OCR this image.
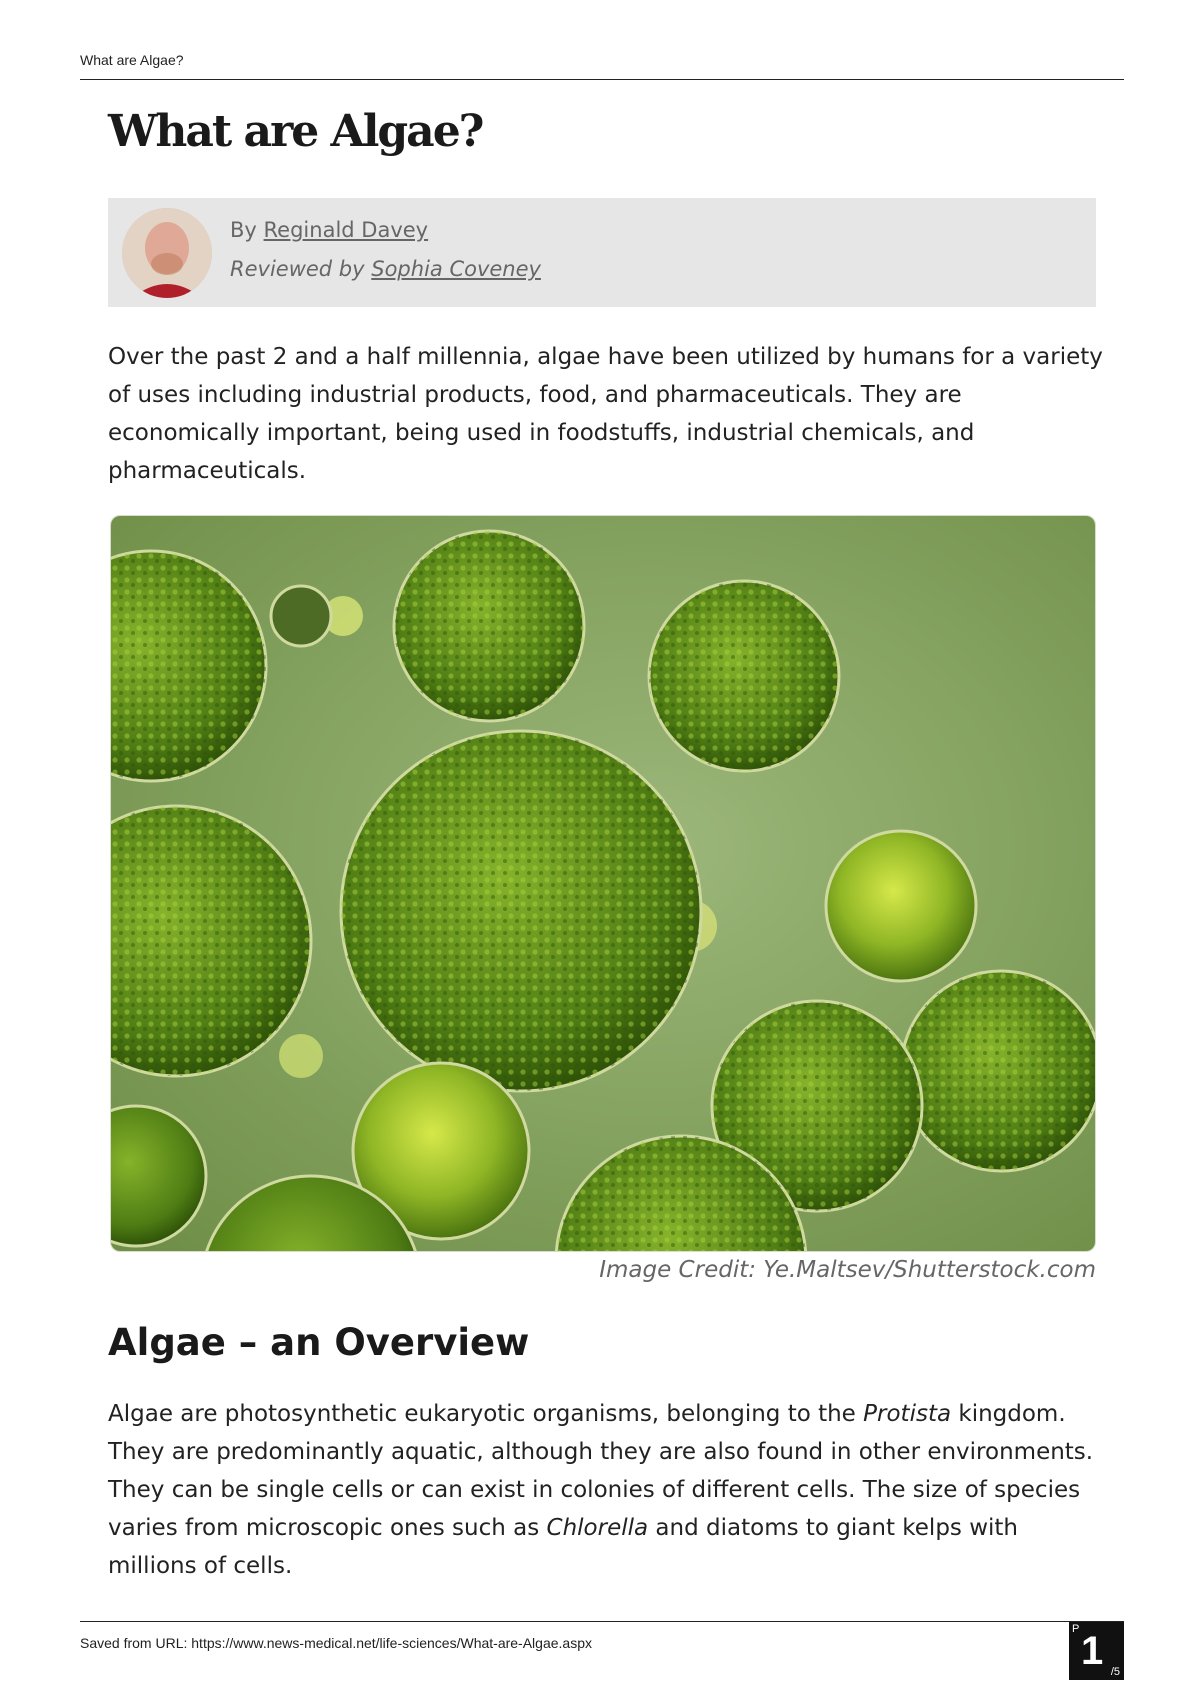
What are Algae?
What are Algae?
By Reginald Davey
Reviewed by Sophia Coveney

Over the past 2 and a half millennia, algae have been utilized by humans for a variety of uses including industrial products, food, and pharmaceuticals. They are economically important, being used in foodstuffs, industrial chemicals, and pharmaceuticals.

Image Credit: Ye.Maltsev/Shutterstock.com
Algae – an Overview

Algae are photosynthetic eukaryotic organisms, belonging to the Protista kingdom. They are predominantly aquatic, although they are also found in other environments. They can be single cells or can exist in colonies of different cells. The size of species varies from microscopic ones such as Chlorella and diatoms to giant kelps with millions of cells.

Saved from URL: https://www.news-medical.net/life-sciences/What-are-Algae.aspx
P 1 /5
